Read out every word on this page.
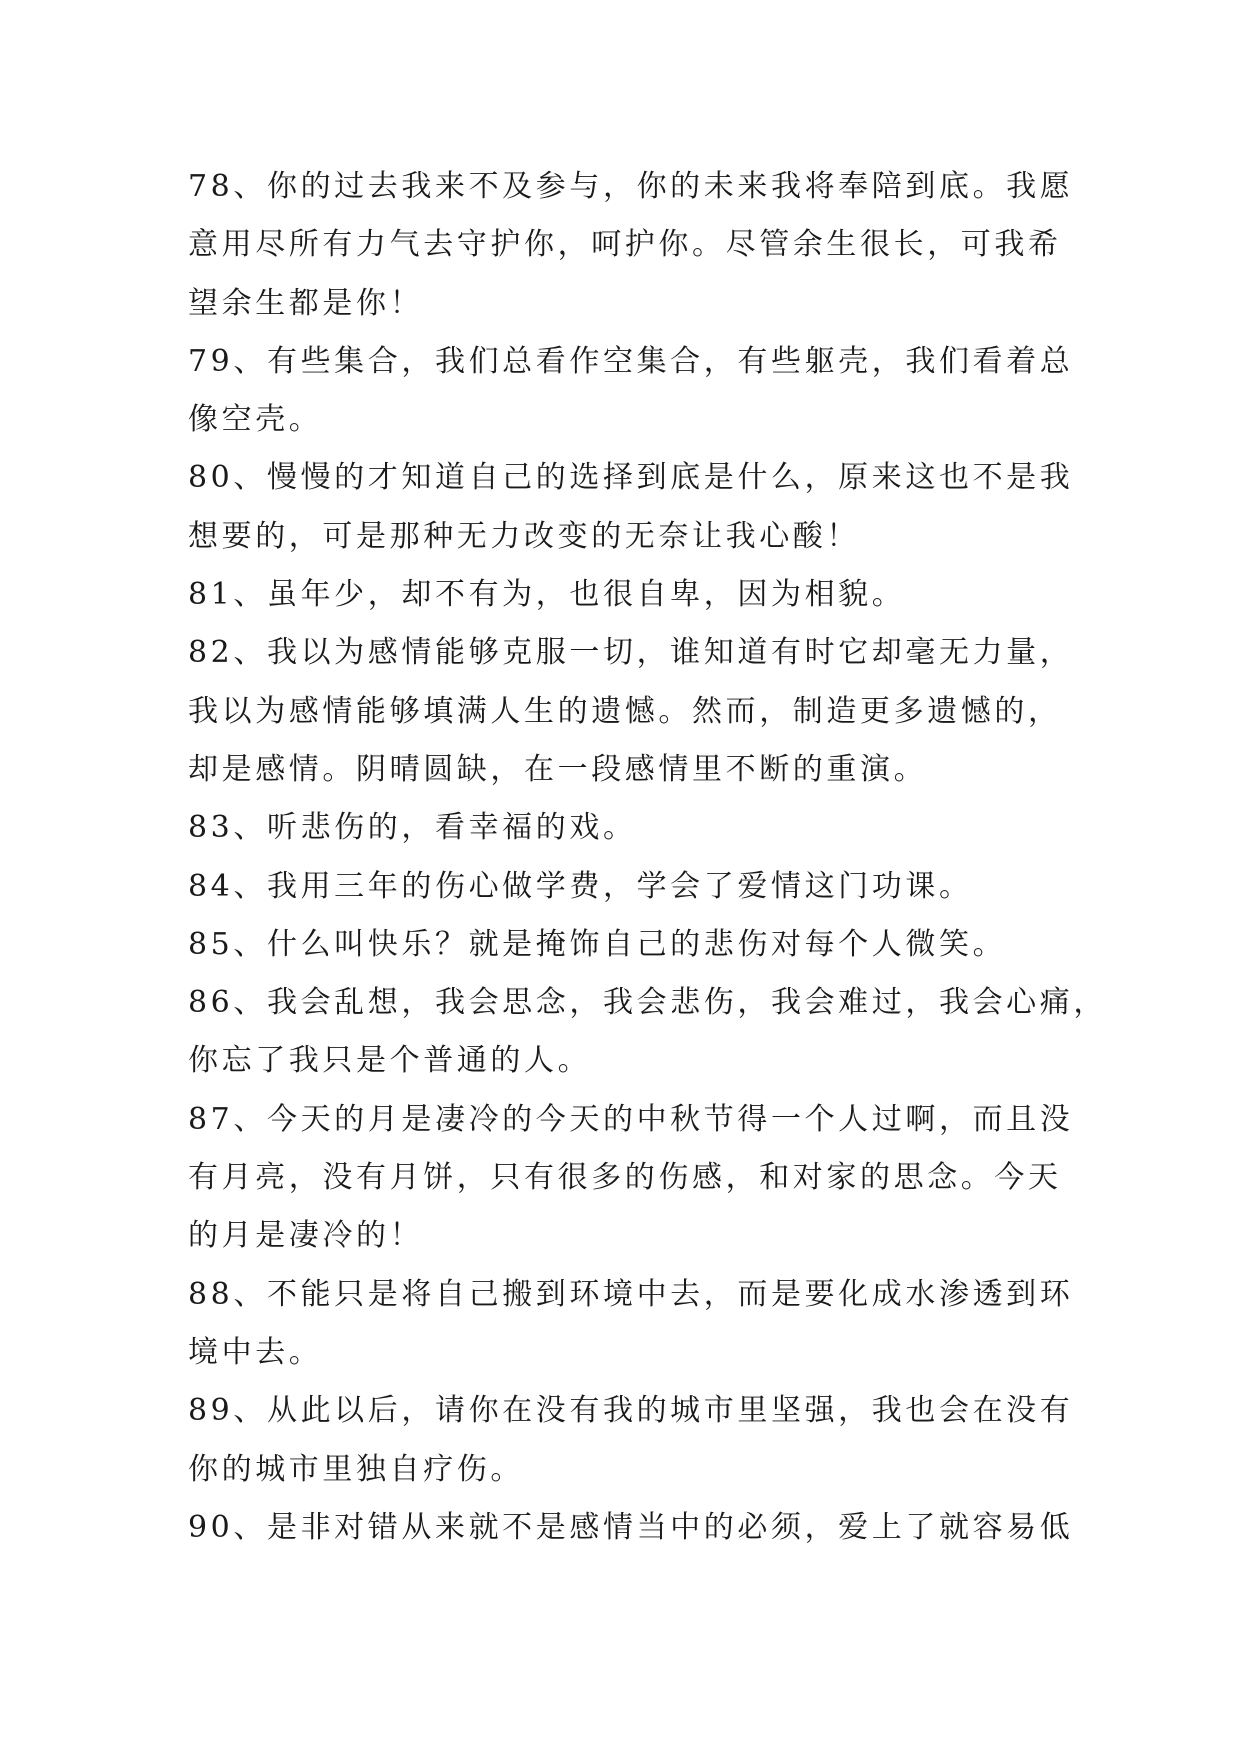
78、你的过去我来不及参与，你的未来我将奉陪到底。我愿
意用尽所有力气去守护你，呵护你。尽管余生很长，可我希
望余生都是你！
79、有些集合，我们总看作空集合，有些躯壳，我们看着总
像空壳。
80、慢慢的才知道自己的选择到底是什么，原来这也不是我
想要的，可是那种无力改变的无奈让我心酸！
81、虽年少，却不有为，也很自卑，因为相貌。
82、我以为感情能够克服一切，谁知道有时它却毫无力量，
我以为感情能够填满人生的遗憾。然而，制造更多遗憾的，
却是感情。阴晴圆缺，在一段感情里不断的重演。
83、听悲伤的，看幸福的戏。
84、我用三年的伤心做学费，学会了爱情这门功课。
85、什么叫快乐？就是掩饰自己的悲伤对每个人微笑。
86、我会乱想，我会思念，我会悲伤，我会难过，我会心痛，
你忘了我只是个普通的人。
87、今天的月是凄冷的今天的中秋节得一个人过啊，而且没
有月亮，没有月饼，只有很多的伤感，和对家的思念。今天
的月是凄冷的！
88、不能只是将自己搬到环境中去，而是要化成水渗透到环
境中去。
89、从此以后，请你在没有我的城市里坚强，我也会在没有
你的城市里独自疗伤。
90、是非对错从来就不是感情当中的必须，爱上了就容易低
